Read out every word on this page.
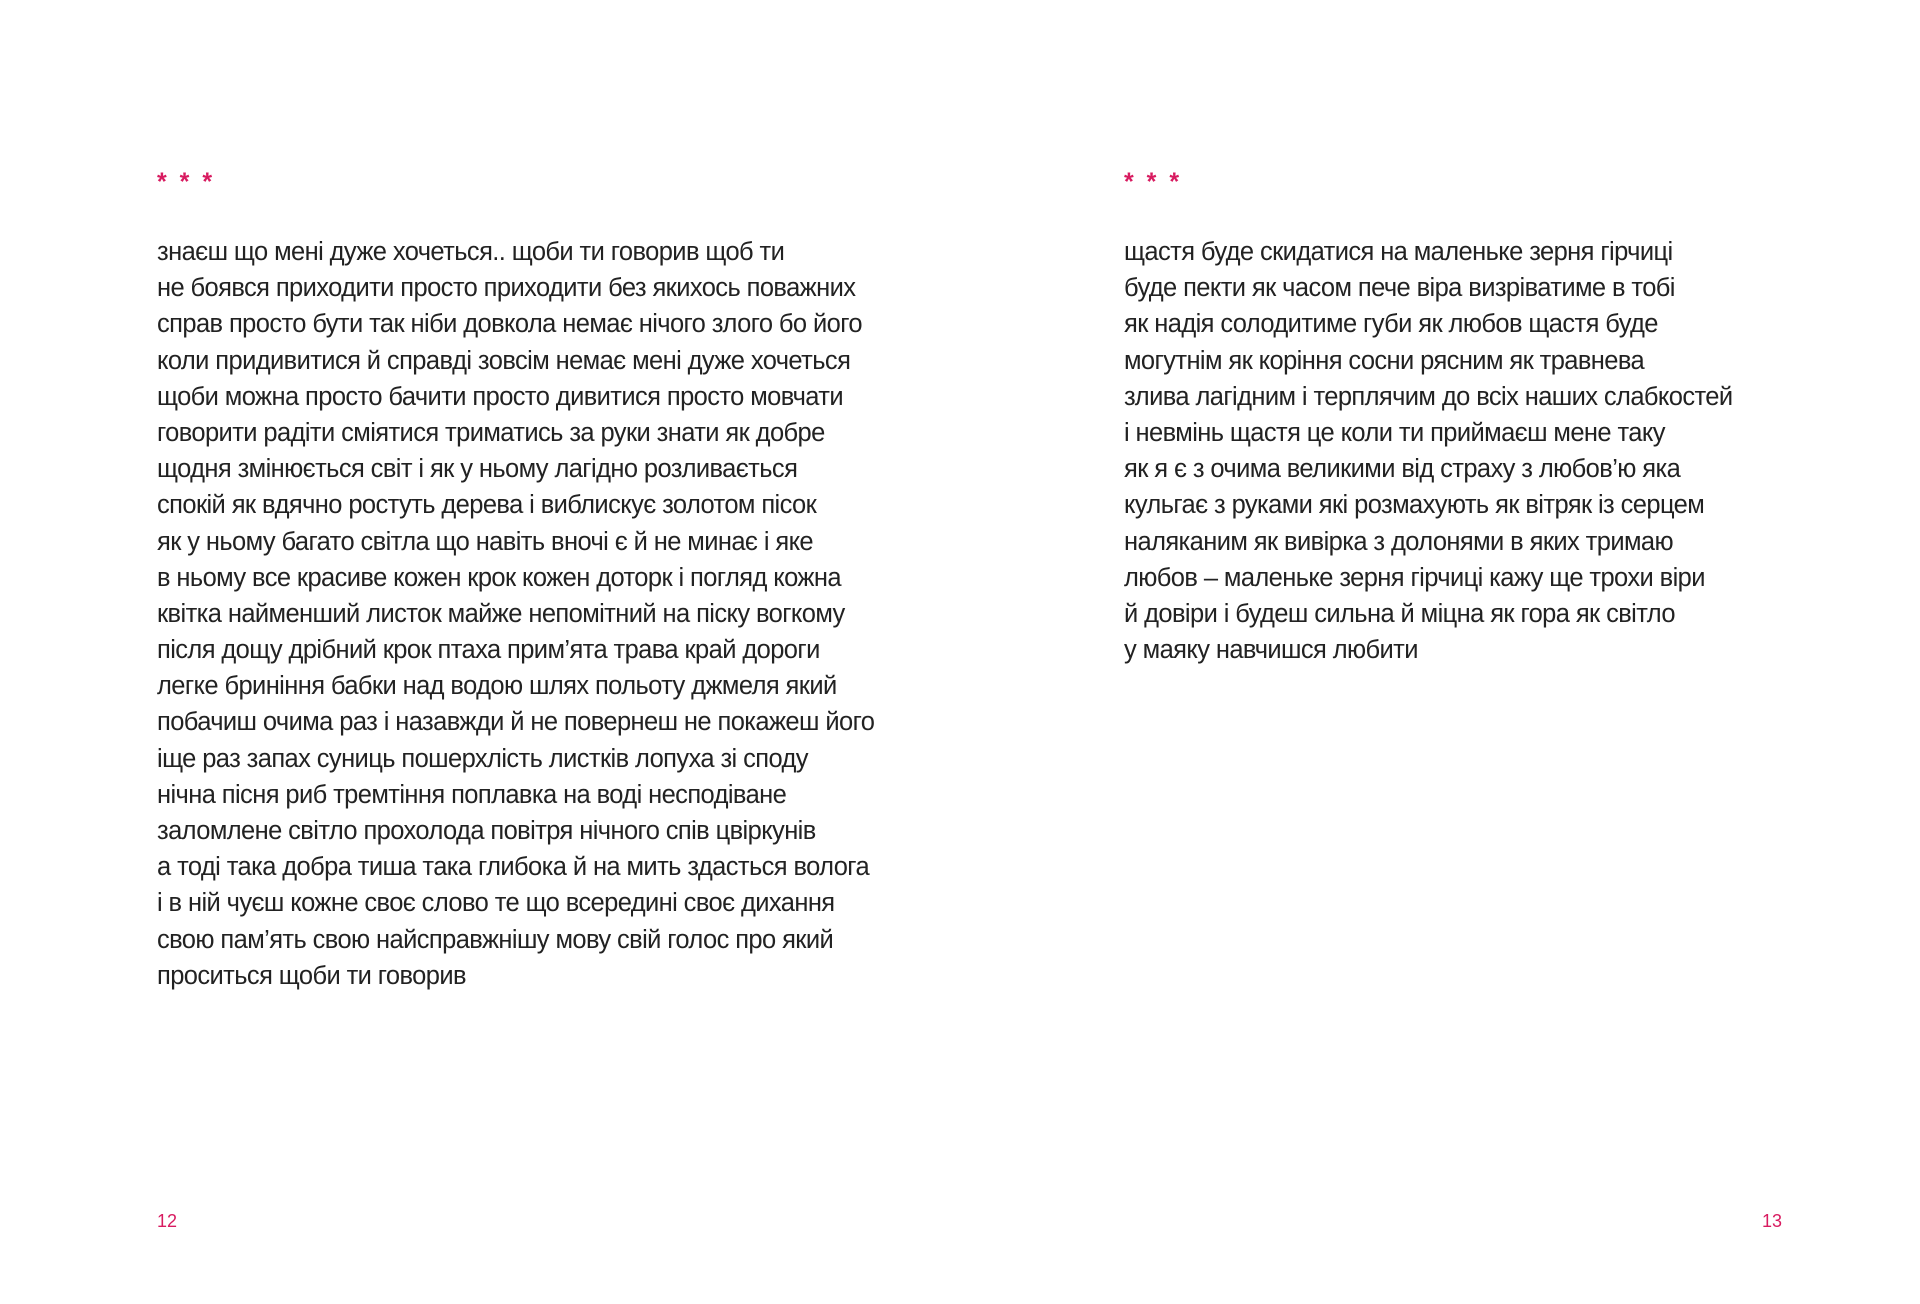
* * *
знаєш що мені дуже хочеться.. щоби ти говорив щоб ти
не боявся приходити просто приходити без якихось поважних
справ просто бути так ніби довкола немає нічого злого бо його
коли придивитися й справді зовсім немає мені дуже хочеться
щоби можна просто бачити просто дивитися просто мовчати
говорити радіти сміятися триматись за руки знати як добре
щодня змінюється світ і як у ньому лагідно розливається
спокій як вдячно ростуть дерева і виблискує золотом пісок
як у ньому багато світла що навіть вночі є й не минає і яке
в ньому все красиве кожен крок кожен доторк і погляд кожна
квітка найменший листок майже непомітний на піску вогкому
після дощу дрібний крок птаха прим’ята трава край дороги
легке бриніння бабки над водою шлях польоту джмеля який
побачиш очима раз і назавжди й не повернеш не покажеш його
іще раз запах суниць пошерхлість листків лопуха зі споду
нічна пісня риб тремтіння поплавка на воді несподіване
заломлене світло прохолода повітря нічного спів цвіркунів
а тоді така добра тиша така глибока й на мить здасться волога
і в ній чуєш кожне своє слово те що всередині своє дихання
свою пам’ять свою найсправжнішу мову свій голос про який
проситься щоби ти говорив
12
* * *
щастя буде скидатися на маленьке зерня гірчиці
буде пекти як часом пече віра визріватиме в тобі
як надія солодитиме губи як любов щастя буде
могутнім як коріння сосни рясним як травнева
злива лагідним і терплячим до всіх наших слабкостей
і невмінь щастя це коли ти приймаєш мене таку
як я є з очима великими від страху з любов’ю яка
кульгає з руками які розмахують як вітряк із серцем
наляканим як вивірка з долонями в яких тримаю
любов – маленьке зерня гірчиці кажу ще трохи віри
й довіри і будеш сильна й міцна як гора як світло
у маяку навчишся любити
13
